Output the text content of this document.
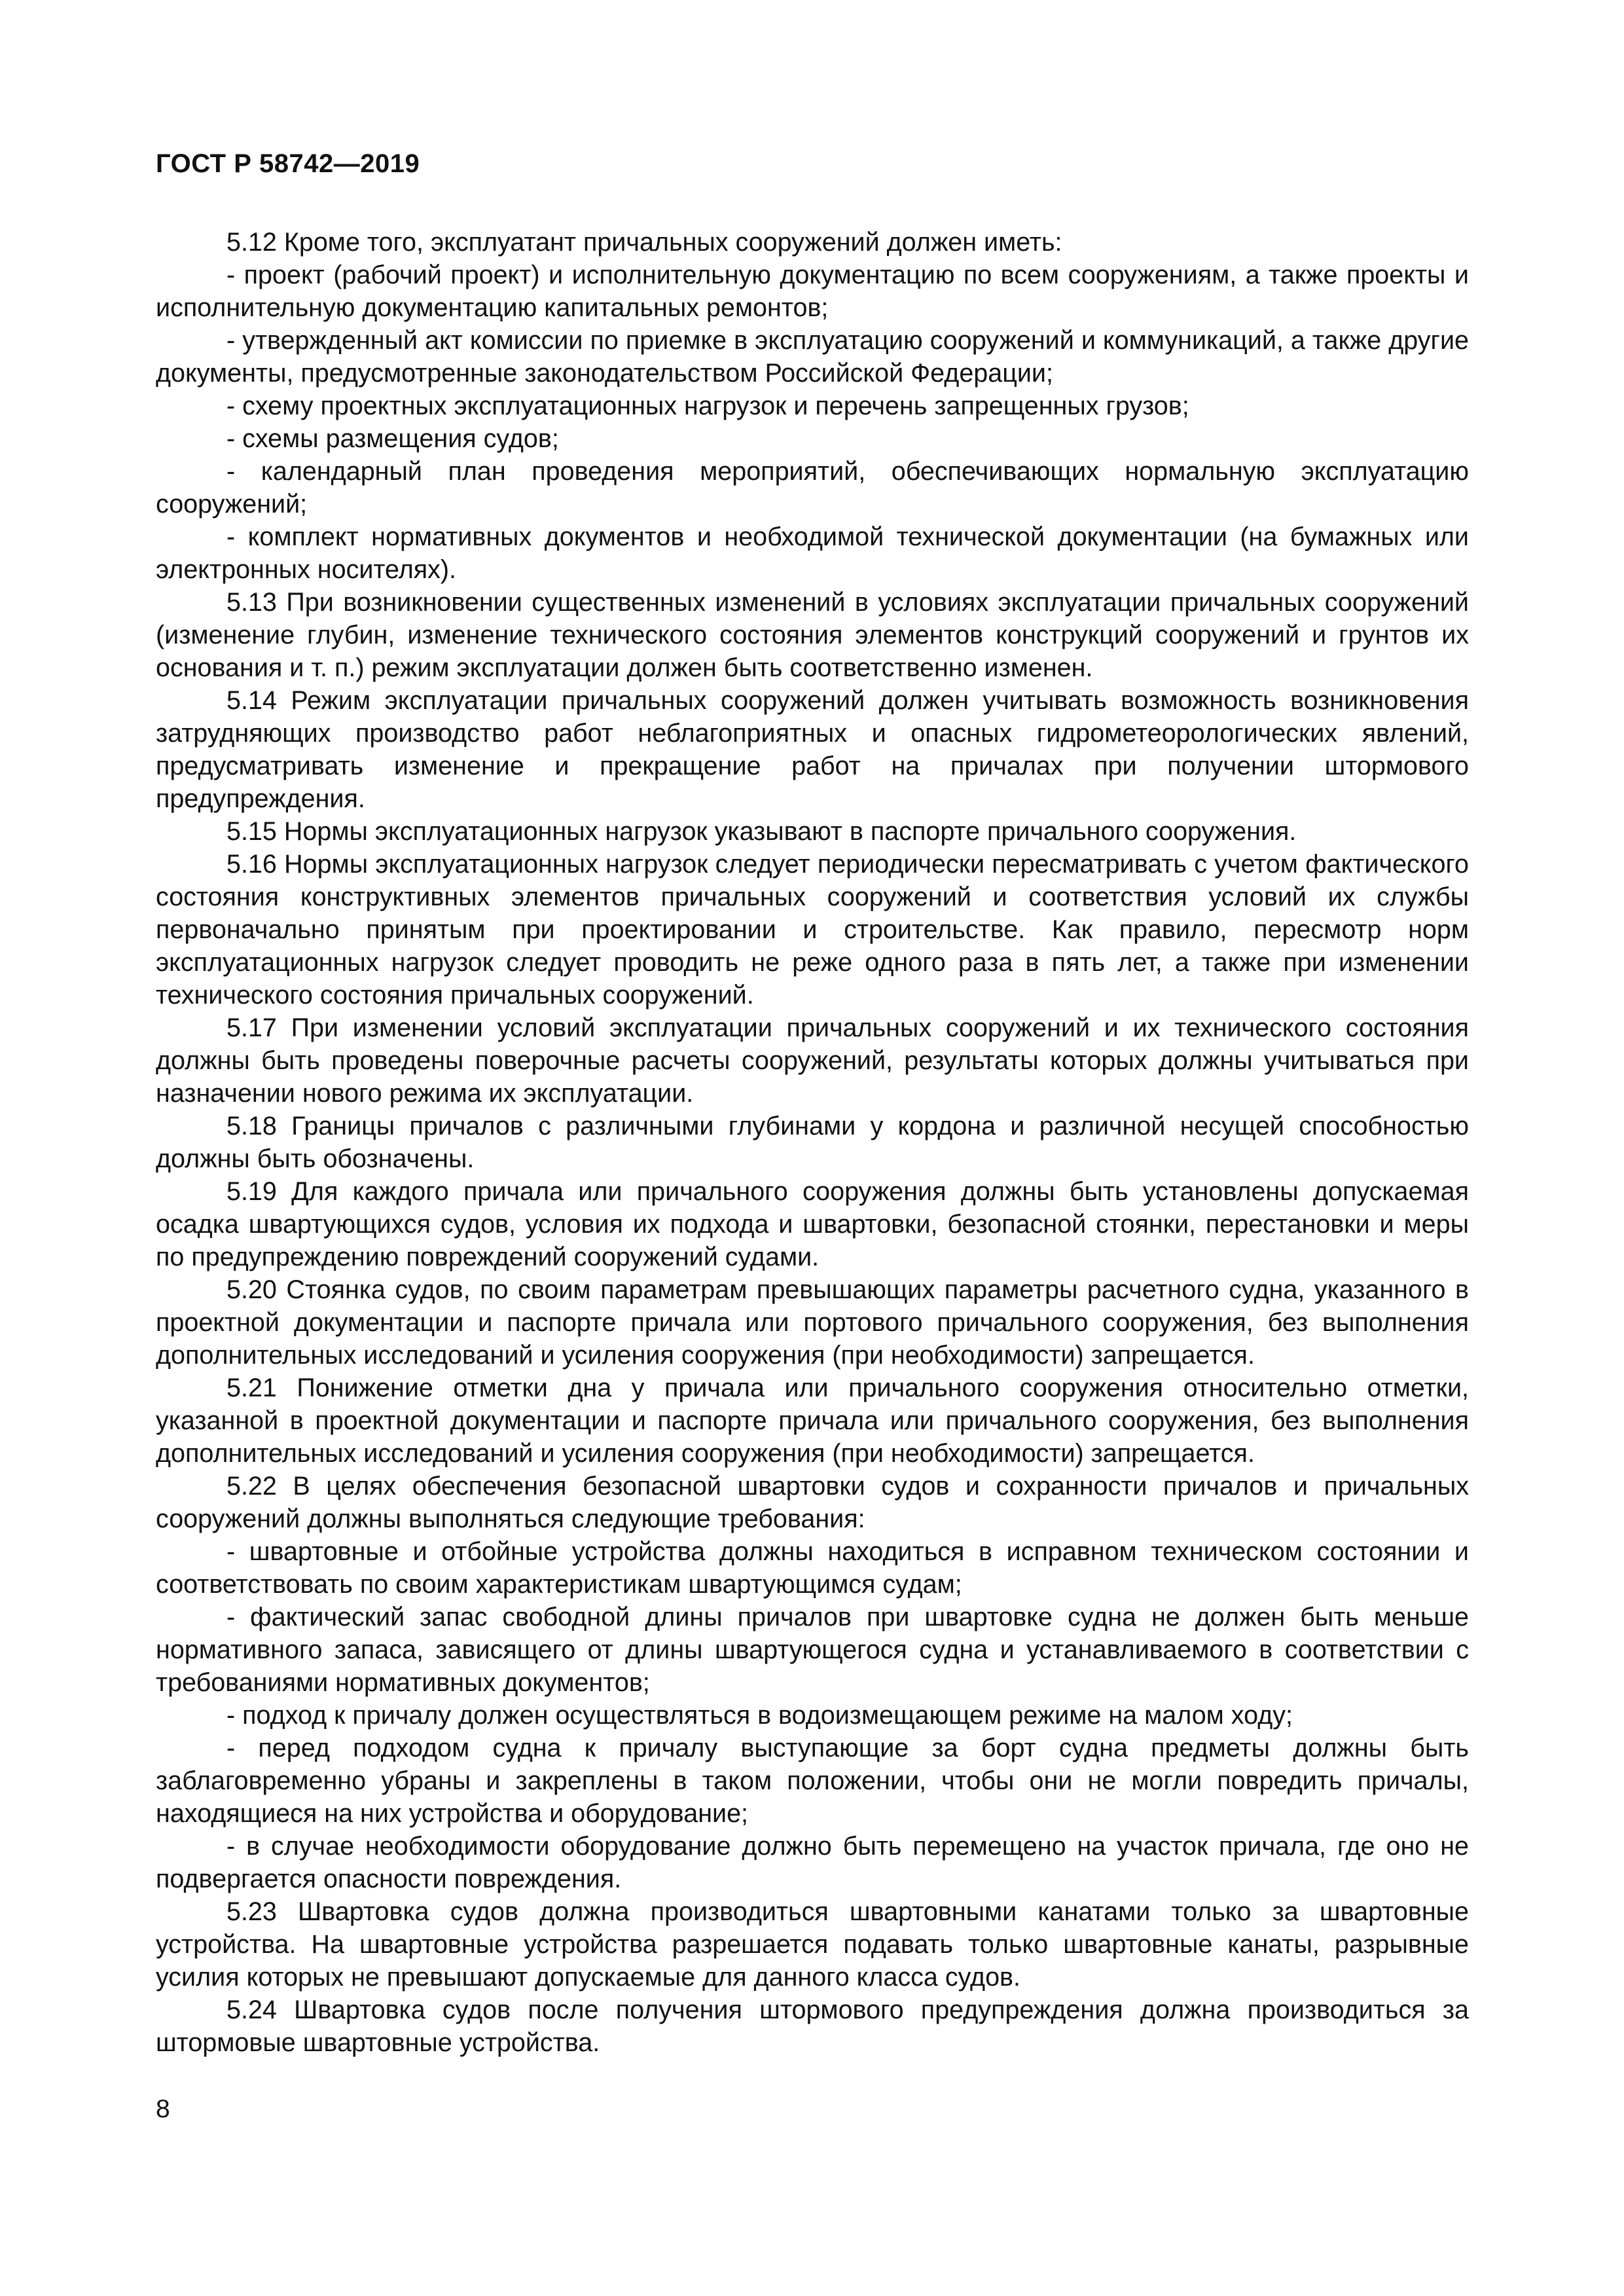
ГОСТ Р 58742—2019

5.12 Кроме того, эксплуатант причальных сооружений должен иметь:

- проект (рабочий проект) и исполнительную документацию по всем сооружениям, а также проекты и исполнительную документацию капитальных ремонтов;

- утвержденный акт комиссии по приемке в эксплуатацию сооружений и коммуникаций, а также другие документы, предусмотренные законодательством Российской Федерации;

- схему проектных эксплуатационных нагрузок и перечень запрещенных грузов;

- схемы размещения судов;

- календарный план проведения мероприятий, обеспечивающих нормальную эксплуатацию сооружений;

- комплект нормативных документов и необходимой технической документации (на бумажных или электронных носителях).

5.13 При возникновении существенных изменений в условиях эксплуатации причальных сооружений (изменение глубин, изменение технического состояния элементов конструкций сооружений и грунтов их основания и т. п.) режим эксплуатации должен быть соответственно изменен.

5.14 Режим эксплуатации причальных сооружений должен учитывать возможность возникновения затрудняющих производство работ неблагоприятных и опасных гидрометеорологических явлений, предусматривать изменение и прекращение работ на причалах при получении штормового предупреждения.

5.15 Нормы эксплуатационных нагрузок указывают в паспорте причального сооружения.

5.16 Нормы эксплуатационных нагрузок следует периодически пересматривать с учетом фактического состояния конструктивных элементов причальных сооружений и соответствия условий их службы первоначально принятым при проектировании и строительстве. Как правило, пересмотр норм эксплуатационных нагрузок следует проводить не реже одного раза в пять лет, а также при изменении технического состояния причальных сооружений.

5.17 При изменении условий эксплуатации причальных сооружений и их технического состояния должны быть проведены поверочные расчеты сооружений, результаты которых должны учитываться при назначении нового режима их эксплуатации.

5.18 Границы причалов с различными глубинами у кордона и различной несущей способностью должны быть обозначены.

5.19 Для каждого причала или причального сооружения должны быть установлены допускаемая осадка швартующихся судов, условия их подхода и швартовки, безопасной стоянки, перестановки и меры по предупреждению повреждений сооружений судами.

5.20 Стоянка судов, по своим параметрам превышающих параметры расчетного судна, указанного в проектной документации и паспорте причала или портового причального сооружения, без выполнения дополнительных исследований и усиления сооружения (при необходимости) запрещается.

5.21 Понижение отметки дна у причала или причального сооружения относительно отметки, указанной в проектной документации и паспорте причала или причального сооружения, без выполнения дополнительных исследований и усиления сооружения (при необходимости) запрещается.

5.22 В целях обеспечения безопасной швартовки судов и сохранности причалов и причальных сооружений должны выполняться следующие требования:

- швартовные и отбойные устройства должны находиться в исправном техническом состоянии и соответствовать по своим характеристикам швартующимся судам;

- фактический запас свободной длины причалов при швартовке судна не должен быть меньше нормативного запаса, зависящего от длины швартующегося судна и устанавливаемого в соответствии с требованиями нормативных документов;

- подход к причалу должен осуществляться в водоизмещающем режиме на малом ходу;

- перед подходом судна к причалу выступающие за борт судна предметы должны быть заблаговременно убраны и закреплены в таком положении, чтобы они не могли повредить причалы, находящиеся на них устройства и оборудование;

- в случае необходимости оборудование должно быть перемещено на участок причала, где оно не подвергается опасности повреждения.

5.23 Швартовка судов должна производиться швартовными канатами только за швартовные устройства. На швартовные устройства разрешается подавать только швартовные канаты, разрывные усилия которых не превышают допускаемые для данного класса судов.

5.24 Швартовка судов после получения штормового предупреждения должна производиться за штормовые швартовные устройства.

8
